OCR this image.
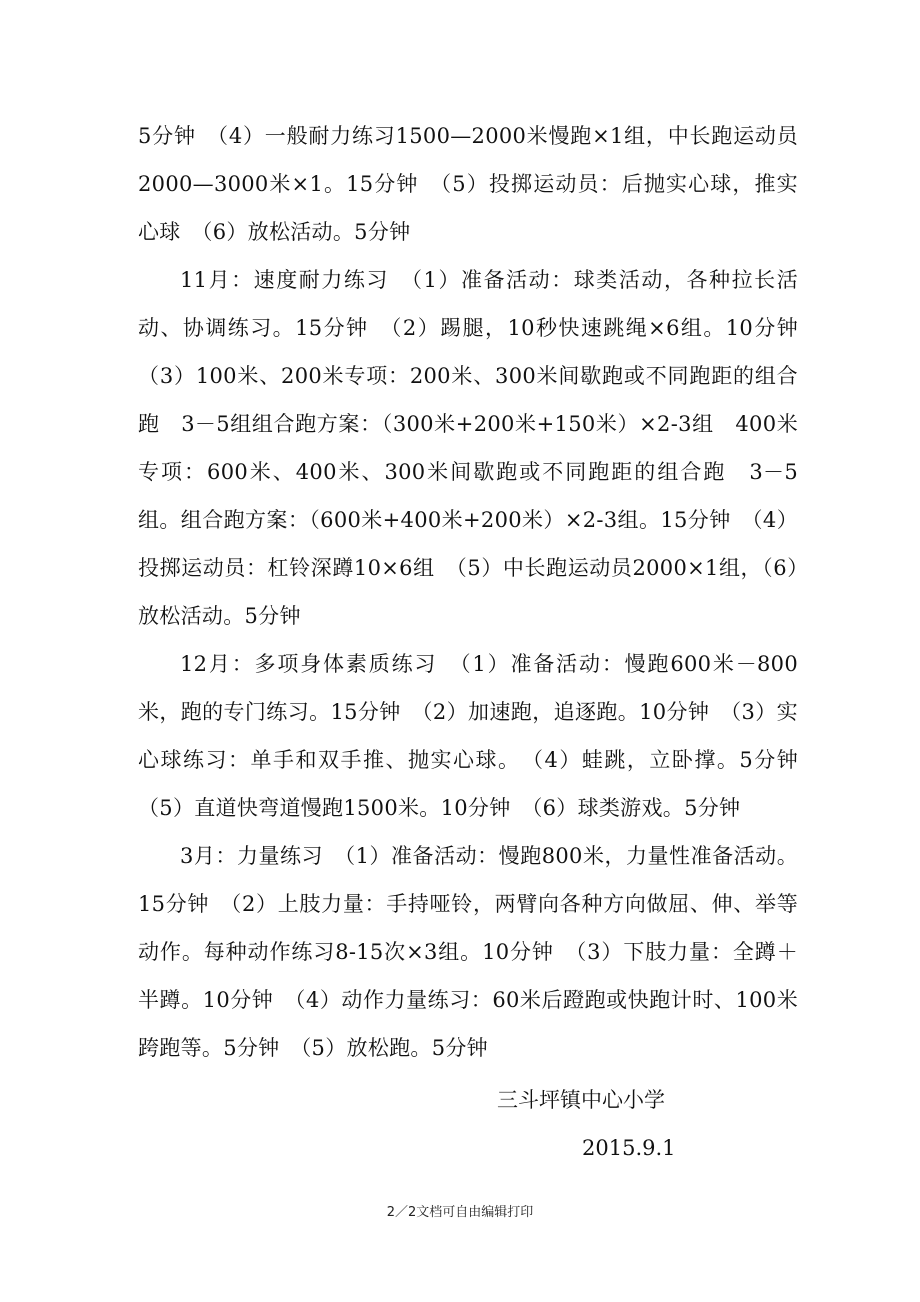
5分钟　（4）一般耐力练习1500—2000米慢跑×1组，中长跑运动员2000—3000米×1。15分钟　（5）投掷运动员：后抛实心球，推实心球　（6）放松活动。5分钟

11月：速度耐力练习　（1）准备活动：球类活动，各种拉长活动、协调练习。15分钟　（2）踢腿，10秒快速跳绳×6组。10分钟　（3）100米、200米专项：200米、300米间歇跑或不同跑距的组合跑　3－5组组合跑方案：（300米+200米+150米）×2-3组　400米专项：600米、400米、300米间歇跑或不同跑距的组合跑　3－5组。组合跑方案：（600米+400米+200米）×2-3组。15分钟　（4）投掷运动员：杠铃深蹲10×6组　（5）中长跑运动员2000×1组，（6）放松活动。5分钟

12月：多项身体素质练习　（1）准备活动：慢跑600米－800米，跑的专门练习。15分钟　（2）加速跑，追逐跑。10分钟　（3）实心球练习：单手和双手推、抛实心球。　（4）蛙跳，立卧撑。5分钟　（5）直道快弯道慢跑1500米。10分钟　（6）球类游戏。5分钟

3月：力量练习　（1）准备活动：慢跑800米，力量性准备活动。15分钟　（2）上肢力量：手持哑铃，两臂向各种方向做屈、伸、举等动作。每种动作练习8-15次×3组。10分钟　（3）下肢力量：全蹲＋半蹲。10分钟　（4）动作力量练习：60米后蹬跑或快跑计时、100米跨跑等。5分钟　（5）放松跑。5分钟

三斗坪镇中心小学
2015.9.1
2／2文档可自由编辑打印
